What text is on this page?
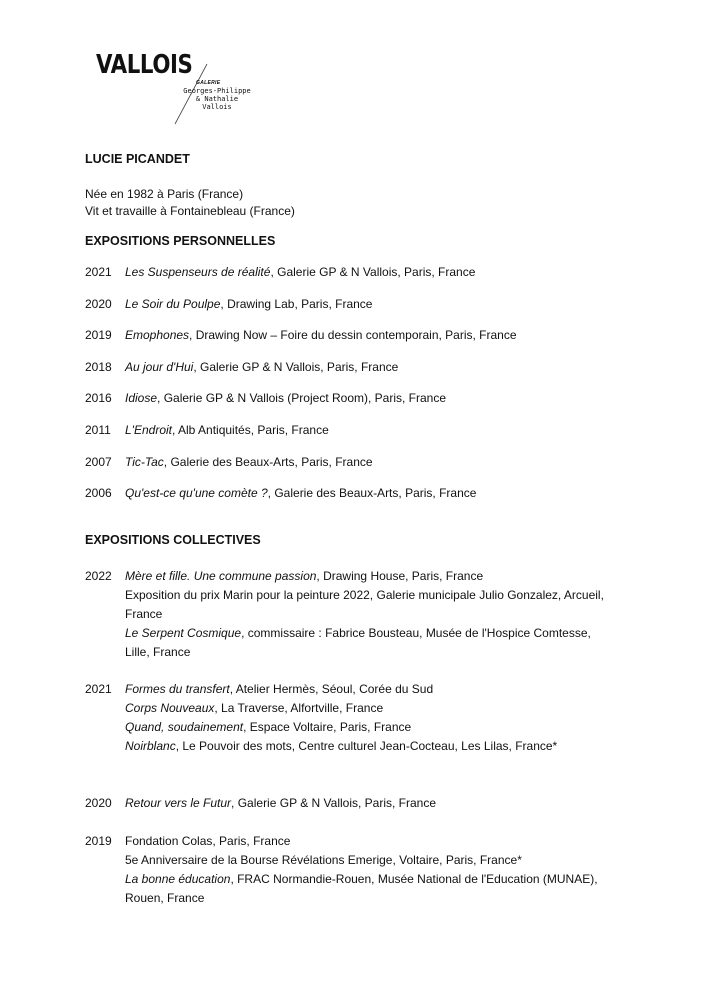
VALLOIS
GALERIE
Georges-Philippe
& Nathalie
Vallois
LUCIE PICANDET
Née en 1982 à Paris (France)
Vit et travaille à Fontainebleau (France)
EXPOSITIONS PERSONNELLES
2021	Les Suspenseurs de réalité, Galerie GP & N Vallois, Paris, France
2020	Le Soir du Poulpe, Drawing Lab, Paris, France
2019	Emophones, Drawing Now – Foire du dessin contemporain, Paris, France
2018	Au jour d'Hui, Galerie GP & N Vallois, Paris, France
2016	Idiose, Galerie GP & N Vallois (Project Room), Paris, France
2011	L'Endroit, Alb Antiquités, Paris, France
2007	Tic-Tac, Galerie des Beaux-Arts, Paris, France
2006	Qu'est-ce qu'une comète ?, Galerie des Beaux-Arts, Paris, France
EXPOSITIONS COLLECTIVES
2022	Mère et fille. Une commune passion, Drawing House, Paris, France
Exposition du prix Marin pour la peinture 2022, Galerie municipale Julio Gonzalez, Arcueil, France
Le Serpent Cosmique, commissaire : Fabrice Bousteau, Musée de l'Hospice Comtesse, Lille, France
2021	Formes du transfert, Atelier Hermès, Séoul, Corée du Sud
Corps Nouveaux, La Traverse, Alfortville, France
Quand, soudainement, Espace Voltaire, Paris, France
Noirblanc, Le Pouvoir des mots, Centre culturel Jean-Cocteau, Les Lilas, France*
2020	Retour vers le Futur, Galerie GP & N Vallois, Paris, France
2019	Fondation Colas, Paris, France
5e Anniversaire de la Bourse Révélations Emerige, Voltaire, Paris, France*
La bonne éducation, FRAC Normandie-Rouen, Musée National de l'Education (MUNAE), Rouen, France
